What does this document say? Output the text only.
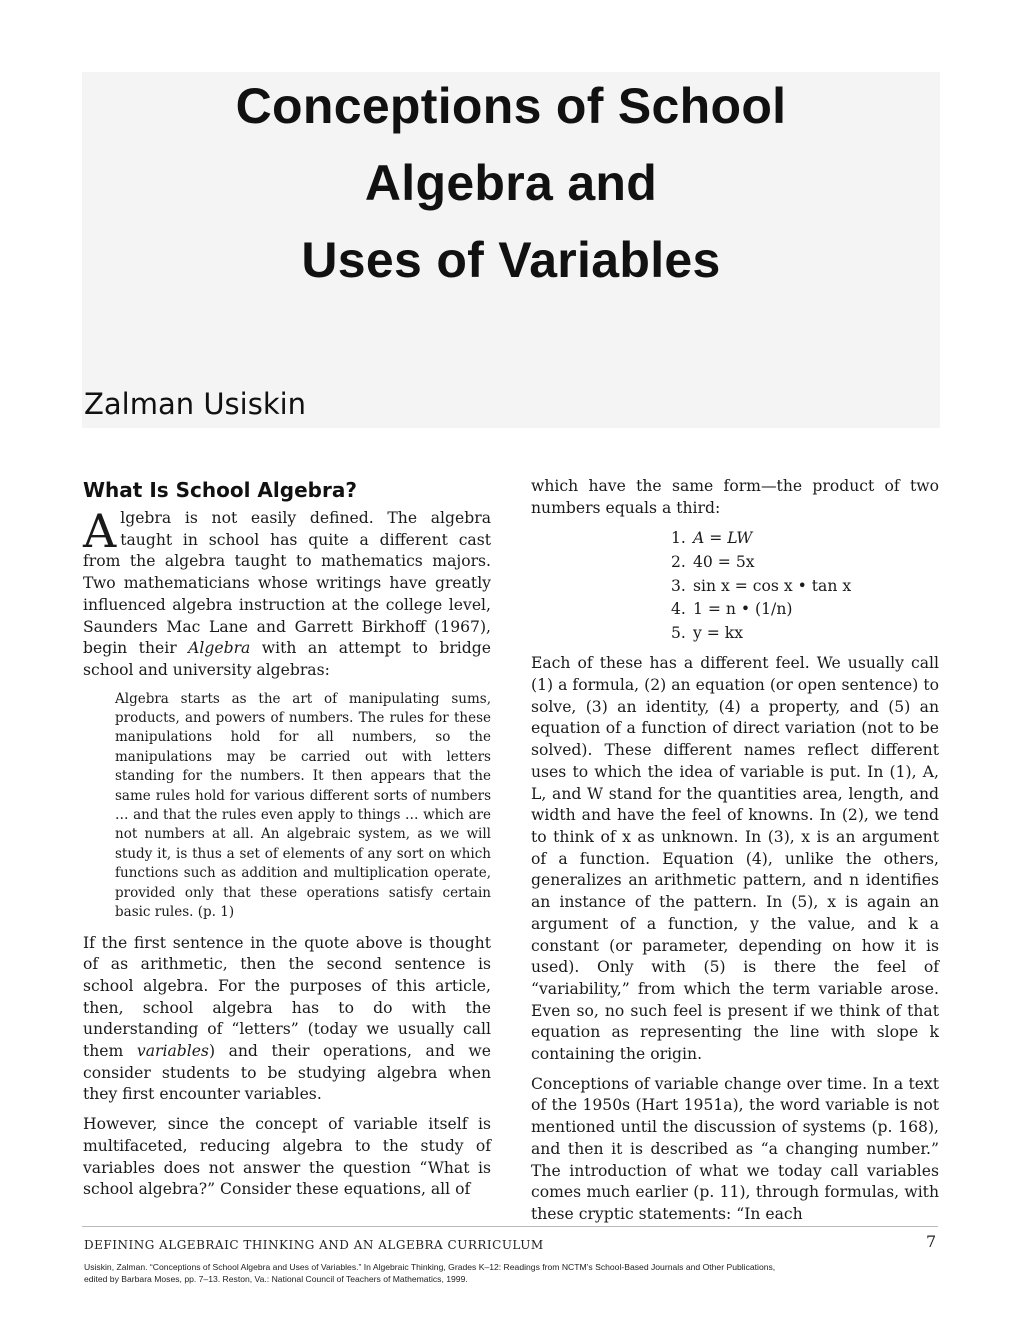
Conceptions of School
Algebra and
Uses of Variables
Zalman Usiskin
What Is School Algebra?

Algebra is not easily defined. The algebra taught in school has quite a different cast from the algebra taught to mathematics majors. Two mathematicians whose writings have greatly influenced algebra instruction at the college level, Saunders Mac Lane and Garrett Birkhoff (1967), begin their Algebra with an attempt to bridge school and university algebras:

Algebra starts as the art of manipulating sums, products, and powers of numbers. The rules for these manipulations hold for all numbers, so the manipulations may be carried out with letters standing for the numbers. It then appears that the same rules hold for various different sorts of numbers … and that the rules even apply to things … which are not numbers at all. An algebraic system, as we will study it, is thus a set of elements of any sort on which functions such as addition and multiplication operate, provided only that these operations satisfy certain basic rules. (p. 1)

If the first sentence in the quote above is thought of as arithmetic, then the second sentence is school algebra. For the purposes of this article, then, school algebra has to do with the understanding of “letters” (today we usually call them variables) and their operations, and we consider students to be studying algebra when they first encounter variables.

However, since the concept of variable itself is multifaceted, reducing algebra to the study of variables does not answer the question “What is school algebra?” Consider these equations, all of

which have the same form—the product of two numbers equals a third:

1. A = LW
2. 40 = 5x
3. sin x = cos x • tan x
4. 1 = n • (1/n)
5. y = kx

Each of these has a different feel. We usually call (1) a formula, (2) an equation (or open sentence) to solve, (3) an identity, (4) a property, and (5) an equation of a function of direct variation (not to be solved). These different names reflect different uses to which the idea of variable is put. In (1), A, L, and W stand for the quantities area, length, and width and have the feel of knowns. In (2), we tend to think of x as unknown. In (3), x is an argument of a function. Equation (4), unlike the others, generalizes an arithmetic pattern, and n identifies an instance of the pattern. In (5), x is again an argument of a function, y the value, and k a constant (or parameter, depending on how it is used). Only with (5) is there the feel of “variability,” from which the term variable arose. Even so, no such feel is present if we think of that equation as representing the line with slope k containing the origin.

Conceptions of variable change over time. In a text of the 1950s (Hart 1951a), the word variable is not mentioned until the discussion of systems (p. 168), and then it is described as “a changing number.” The introduction of what we today call variables comes much earlier (p. 11), through formulas, with these cryptic statements: “In each

DEFINING ALGEBRAIC THINKING AND AN ALGEBRA CURRICULUM	7
Usiskin, Zalman. “Conceptions of School Algebra and Uses of Variables.” In Algebraic Thinking, Grades K–12: Readings from NCTM’s School-Based Journals and Other Publications,
edited by Barbara Moses, pp. 7–13. Reston, Va.: National Council of Teachers of Mathematics, 1999.
